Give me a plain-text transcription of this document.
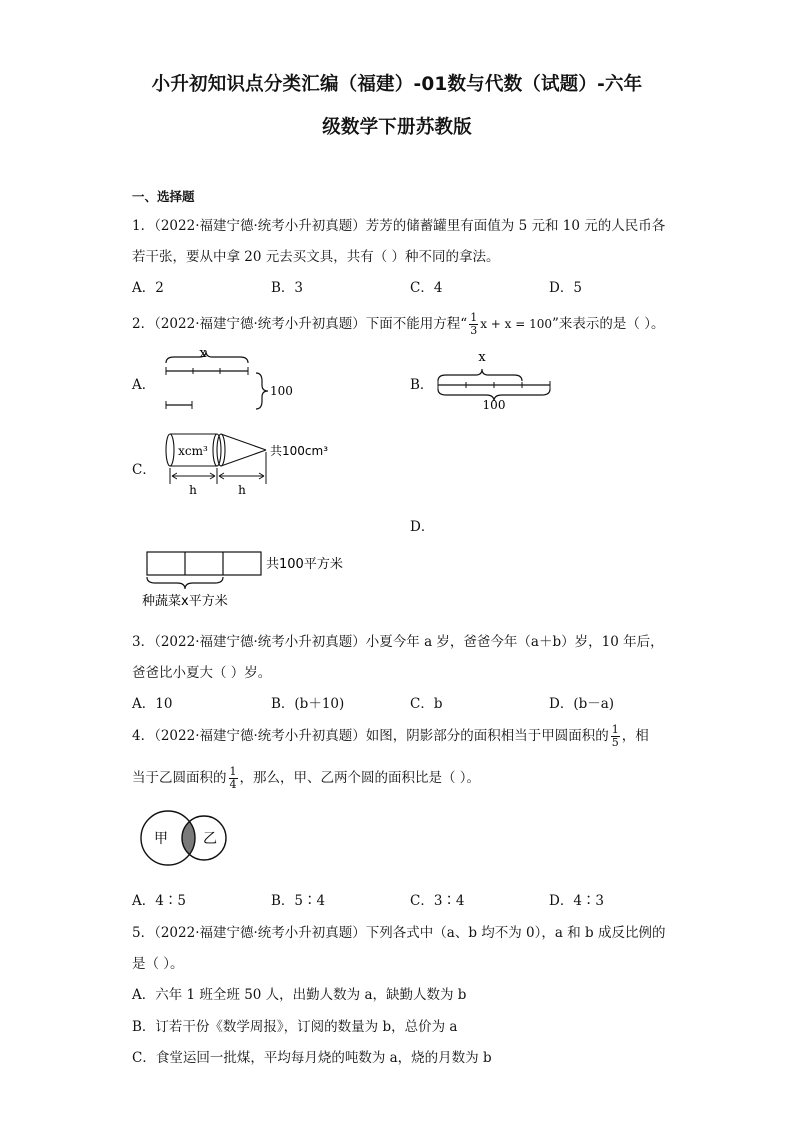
小升初知识点分类汇编（福建）-01数与代数（试题）-六年
级数学下册苏教版
一、选择题
1．（2022·福建宁德·统考小升初真题）芳芳的储蓄罐里有面值为 5 元和 10 元的人民币各
若干张，要从中拿 20 元去买文具，共有（ ）种不同的拿法。
A．2	B．3	C．4	D．5
2．（2022·福建宁德·统考小升初真题）下面不能用方程“ $\frac{1}{3}$ x + x = 100”来表示的是（ ）。
A．
x
100	B．
x
100
C．
xcm³	共100cm³
h	h
D．
共100平方米
种蔬菜x平方米
3．（2022·福建宁德·统考小升初真题）小夏今年 a 岁，爸爸今年（a＋b）岁，10 年后，
爸爸比小夏大（ ）岁。
A．10	B．(b＋10)	C．b	D．(b－a)
4．（2022·福建宁德·统考小升初真题）如图，阴影部分的面积相当于甲圆面积的 $\frac{1}{5}$ ，相
当于乙圆面积的 $\frac{1}{4}$ ，那么，甲、乙两个圆的面积比是（ ）。
甲	乙
A．4∶5	B．5∶4	C．3∶4	D．4∶3
5．（2022·福建宁德·统考小升初真题）下列各式中（a、b 均不为 0），a 和 b 成反比例的
是（ ）。
A．六年 1 班全班 50 人，出勤人数为 a，缺勤人数为 b
B．订若干份《数学周报》，订阅的数量为 b，总价为 a
C．食堂运回一批煤，平均每月烧的吨数为 a，烧的月数为 b
